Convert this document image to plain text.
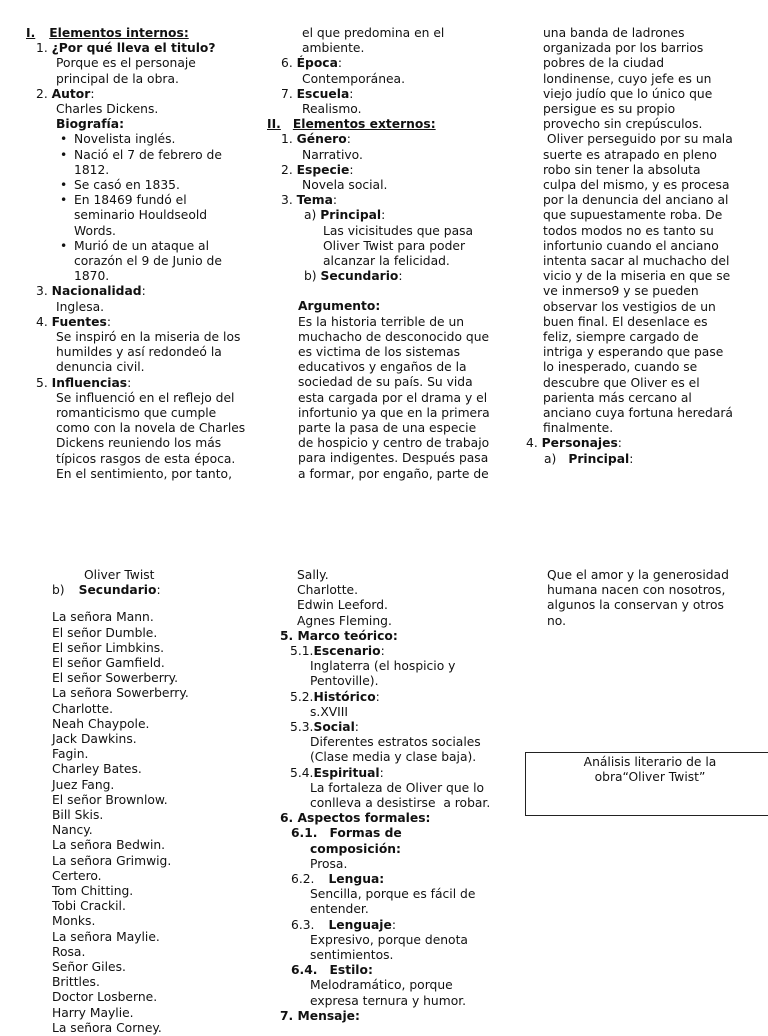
I. Elementos internos:
1. ¿Por qué lleva el titulo?
Porque es el personaje
principal de la obra.
2. Autor:
Charles Dickens.
Biografía:
• Novelista inglés.
• Nació el 7 de febrero de
1812.
• Se casó en 1835.
• En 18469 fundó el
seminario Houldseold
Words.
• Murió de un ataque al
corazón el 9 de Junio de
1870.
3. Nacionalidad:
Inglesa.
4. Fuentes:
Se inspiró en la miseria de los
humildes y así redondeó la
denuncia civil.
5. Influencias:
Se influenció en el reflejo del
romanticismo que cumple
como con la novela de Charles
Dickens reuniendo los más
típicos rasgos de esta época.
En el sentimiento, por tanto,
el que predomina en el
ambiente.
6. Época:
Contemporánea.
7. Escuela:
Realismo.
II. Elementos externos:
1. Género:
Narrativo.
2. Especie:
Novela social.
3. Tema:
a) Principal:
Las vicisitudes que pasa
Oliver Twist para poder
alcanzar la felicidad.
b) Secundario:
Argumento:
Es la historia terrible de un
muchacho de desconocido que
es victima de los sistemas
educativos y engaños de la
sociedad de su país. Su vida
esta cargada por el drama y el
infortunio ya que en la primera
parte la pasa de una especie
de hospicio y centro de trabajo
para indigentes. Después pasa
a formar, por engaño, parte de
una banda de ladrones
organizada por los barrios
pobres de la ciudad
londinense, cuyo jefe es un
viejo judío que lo único que
persigue es su propio
provecho sin crepúsculos.
Oliver perseguido por su mala
suerte es atrapado en pleno
robo sin tener la absoluta
culpa del mismo, y es procesa
por la denuncia del anciano al
que supuestamente roba. De
todos modos no es tanto su
infortunio cuando el anciano
intenta sacar al muchacho del
vicio y de la miseria en que se
ve inmerso9 y se pueden
observar los vestigios de un
buen final. El desenlace es
feliz, siempre cargado de
intriga y esperando que pase
lo inesperado, cuando se
descubre que Oliver es el
parienta más cercano al
anciano cuya fortuna heredará
finalmente.
4. Personajes:
a) Principal:
Oliver Twist
b) Secundario:
La señora Mann.
El señor Dumble.
El señor Limbkins.
El señor Gamfield.
El señor Sowerberry.
La señora Sowerberry.
Charlotte.
Neah Chaypole.
Jack Dawkins.
Fagin.
Charley Bates.
Juez Fang.
El señor Brownlow.
Bill Skis.
Nancy.
La señora Bedwin.
La señora Grimwig.
Certero.
Tom Chitting.
Tobi Crackil.
Monks.
La señora Maylie.
Rosa.
Señor Giles.
Brittles.
Doctor Losberne.
Harry Maylie.
La señora Corney.
Sally.
Charlotte.
Edwin Leeford.
Agnes Fleming.
5. Marco teórico:
5.1.Escenario:
Inglaterra (el hospicio y
Pentoville).
5.2.Histórico:
s.XVIII
5.3.Social:
Diferentes estratos sociales
(Clase media y clase baja).
5.4.Espiritual:
La fortaleza de Oliver que lo
conlleva a desistirse  a robar.
6. Aspectos formales:
6.1. Formas de
composición:
Prosa.
6.2. Lengua:
Sencilla, porque es fácil de
entender.
6.3. Lenguaje:
Expresivo, porque denota
sentimientos.
6.4. Estilo:
Melodramático, porque
expresa ternura y humor.
7. Mensaje:
Que el amor y la generosidad
humana nacen con nosotros,
algunos la conservan y otros
no.
Análisis literario de la
obra“Oliver Twist”
